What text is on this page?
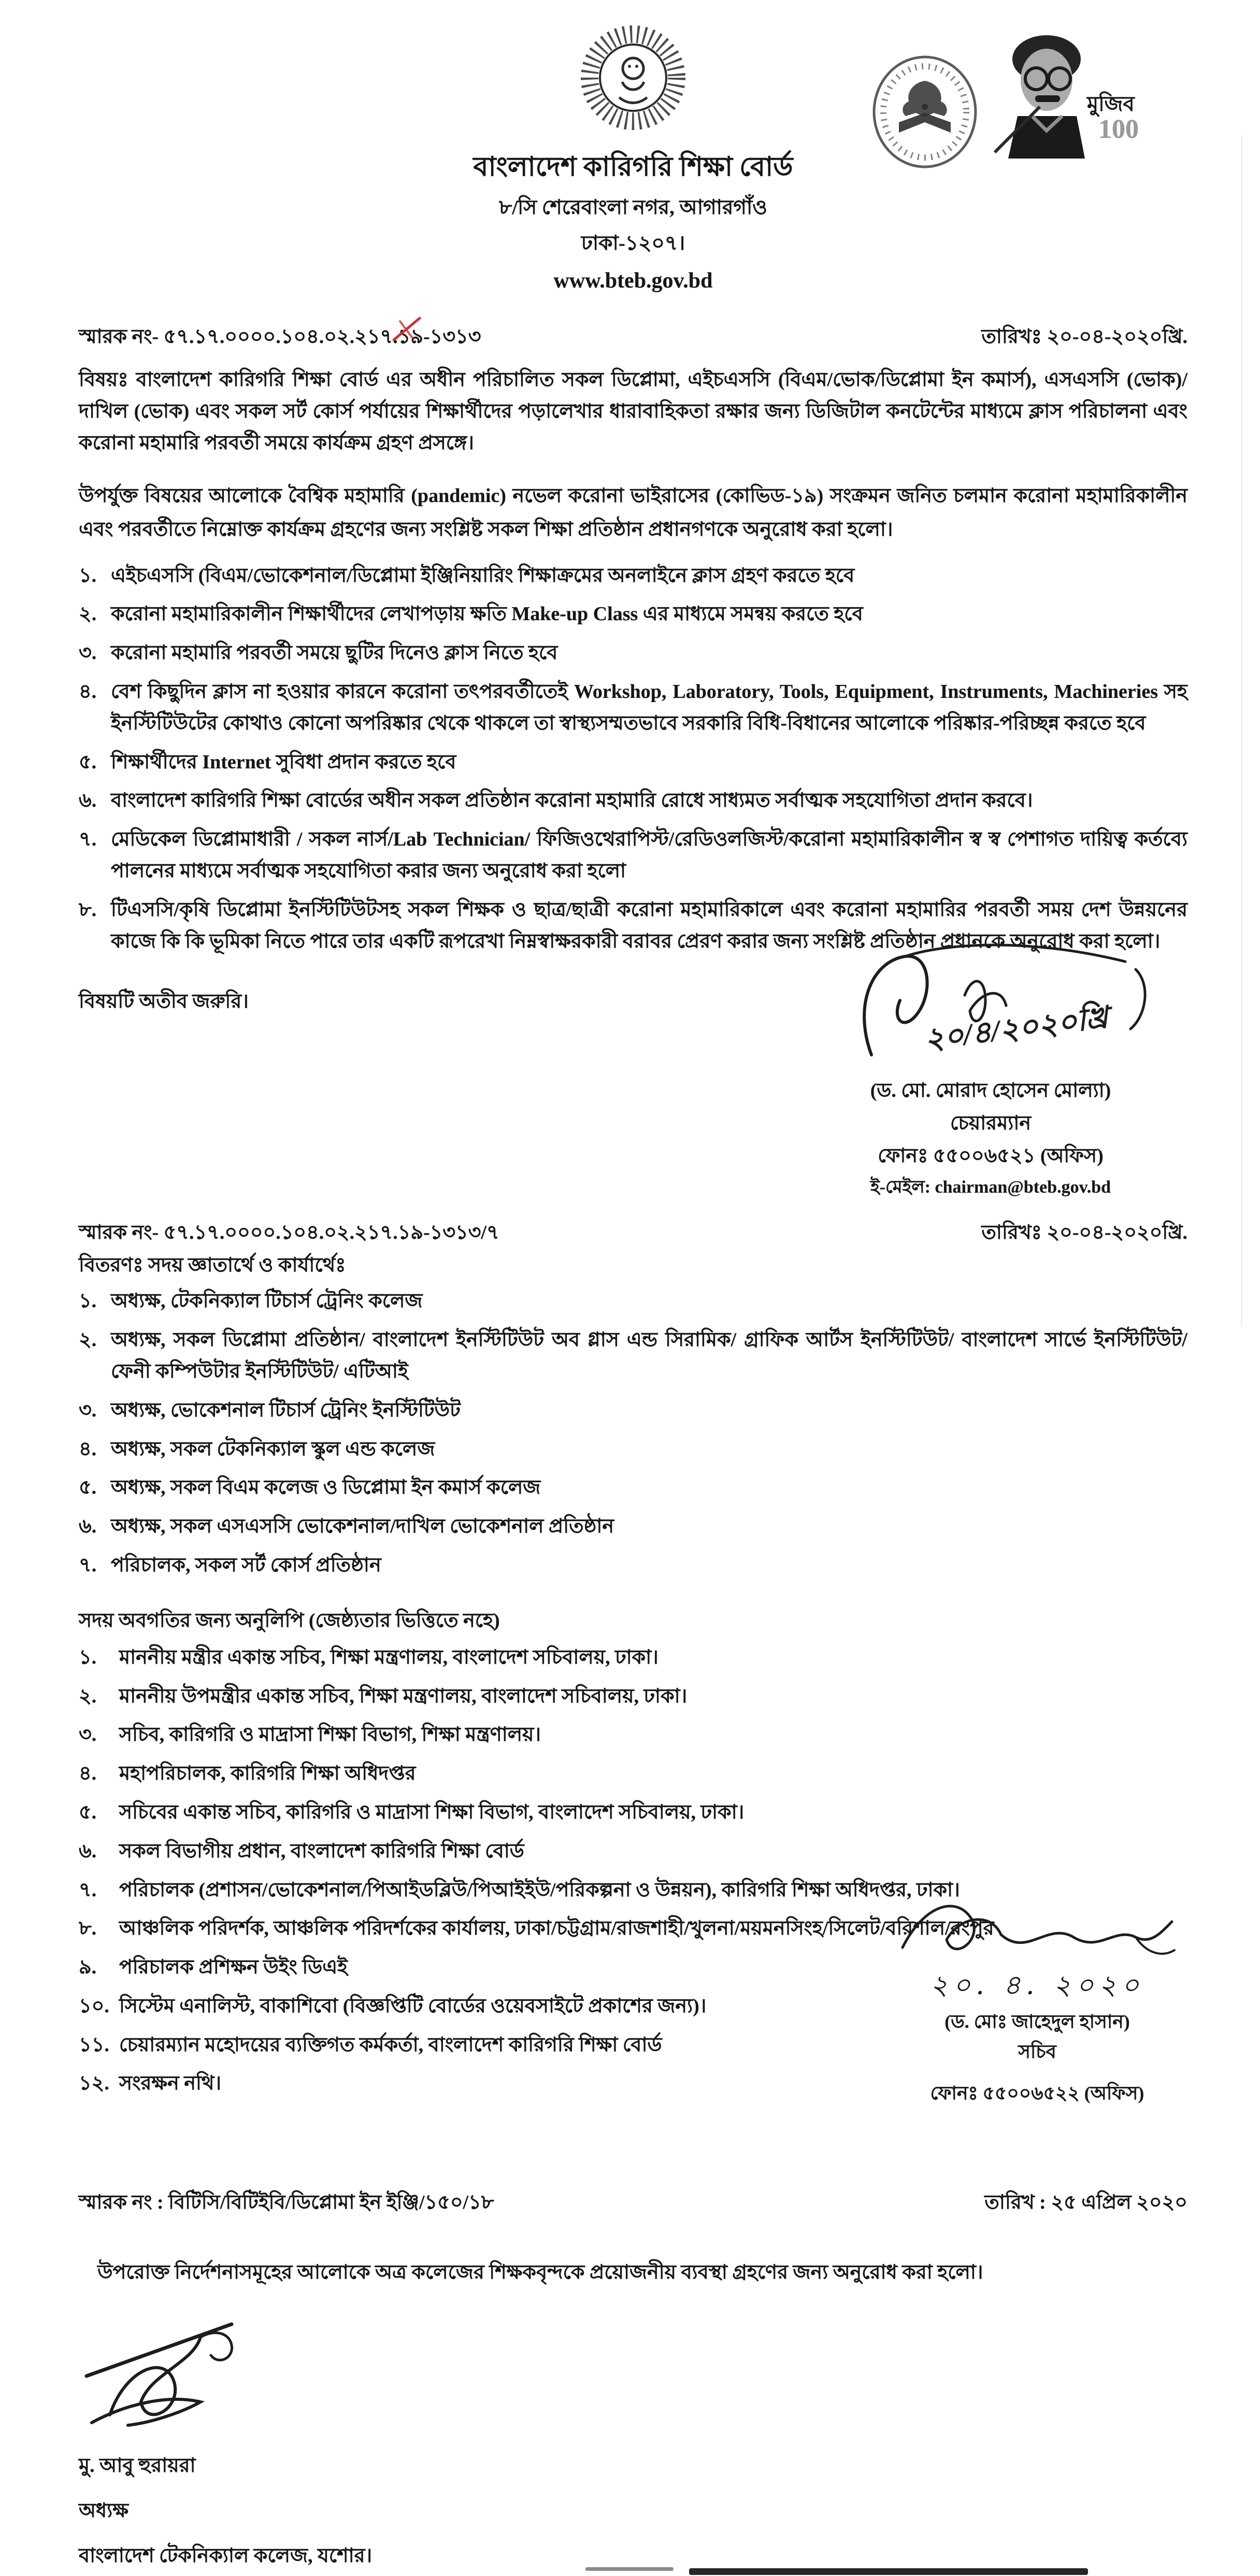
মুজিব
100
বাংলাদেশ কারিগরি শিক্ষা বোর্ড
৮/সি শেরেবাংলা নগর, আগারগাঁও
ঢাকা-১২০৭।
www.bteb.gov.bd
স্মারক নং- ৫৭.১৭.০০০০.১০৪.০২.২১৭.১৯-১৩১৩	তারিখঃ ২০-০৪-২০২০খ্রি.
বিষয়ঃ বাংলাদেশ কারিগরি শিক্ষা বোর্ড এর অধীন পরিচালিত সকল ডিপ্লোমা, এইচএসসি (বিএম/ভোক/ডিপ্লোমা ইন কমার্স), এসএসসি (ভোক)/দাখিল (ভোক) এবং সকল সর্ট কোর্স পর্যায়ের শিক্ষার্থীদের পড়ালেখার ধারাবাহিকতা রক্ষার জন্য ডিজিটাল কনটেন্টের মাধ্যমে ক্লাস পরিচালনা এবং করোনা মহামারি পরবর্তী সময়ে কার্যক্রম গ্রহণ প্রসঙ্গে।
উপর্যুক্ত বিষয়ের আলোকে বৈশ্বিক মহামারি (pandemic) নভেল করোনা ভাইরাসের (কোভিড-১৯) সংক্রমন জনিত চলমান করোনা মহামারিকালীন এবং পরবর্তীতে নিম্নোক্ত কার্যক্রম গ্রহণের জন্য সংশ্লিষ্ট সকল শিক্ষা প্রতিষ্ঠান প্রধানগণকে অনুরোধ করা হলো।
১. এইচএসসি (বিএম/ভোকেশনাল/ডিপ্লোমা ইঞ্জিনিয়ারিং শিক্ষাক্রমের অনলাইনে ক্লাস গ্রহণ করতে হবে
২. করোনা মহামারিকালীন শিক্ষার্থীদের লেখাপড়ায় ক্ষতি Make-up Class এর মাধ্যমে সমন্বয় করতে হবে
৩. করোনা মহামারি পরবর্তী সময়ে ছুটির দিনেও ক্লাস নিতে হবে
৪. বেশ কিছুদিন ক্লাস না হওয়ার কারনে করোনা তৎপরবর্তীতেই Workshop, Laboratory, Tools, Equipment, Instruments, Machineries সহ ইনস্টিটিউটের কোথাও কোনো অপরিষ্কার থেকে থাকলে তা স্বাস্থ্যসম্মতভাবে সরকারি বিধি-বিধানের আলোকে পরিষ্কার-পরিচ্ছন্ন করতে হবে
৫. শিক্ষার্থীদের Internet সুবিধা প্রদান করতে হবে
৬. বাংলাদেশ কারিগরি শিক্ষা বোর্ডের অধীন সকল প্রতিষ্ঠান করোনা মহামারি রোধে সাধ্যমত সর্বাত্মক সহযোগিতা প্রদান করবে।
৭. মেডিকেল ডিপ্লোমাধারী / সকল নার্স/Lab Technician/ ফিজিওথেরাপিস্ট/রেডিওলজিস্ট/করোনা মহামারিকালীন স্ব স্ব পেশাগত দায়িত্ব কর্তব্যে পালনের মাধ্যমে সর্বাত্মক সহযোগিতা করার জন্য অনুরোধ করা হলো
৮. টিএসসি/কৃষি ডিপ্লোমা ইনস্টিটিউটসহ সকল শিক্ষক ও ছাত্র/ছাত্রী করোনা মহামারিকালে এবং করোনা মহামারির পরবর্তী সময় দেশ উন্নয়নের কাজে কি কি ভূমিকা নিতে পারে তার একটি রূপরেখা নিম্নস্বাক্ষরকারী বরাবর প্রেরণ করার জন্য সংশ্লিষ্ট প্রতিষ্ঠান প্রধানকে অনুরোধ করা হলো।
বিষয়টি অতীব জরুরি।	২০/৪/২০২০খ্রি
(ড. মো. মোরাদ হোসেন মোল্যা)
চেয়ারম্যান
ফোনঃ ৫৫০০৬৫২১ (অফিস)
ই-মেইল: chairman@bteb.gov.bd
স্মারক নং- ৫৭.১৭.০০০০.১০৪.০২.২১৭.১৯-১৩১৩/৭	তারিখঃ ২০-০৪-২০২০খ্রি.
বিতরণঃ সদয় জ্ঞাতার্থে ও কার্যার্থেঃ
১. অধ্যক্ষ, টেকনিক্যাল টিচার্স ট্রেনিং কলেজ
২. অধ্যক্ষ, সকল ডিপ্লোমা প্রতিষ্ঠান/ বাংলাদেশ ইনস্টিটিউট অব গ্লাস এন্ড সিরামিক/ গ্রাফিক আর্টস ইনস্টিটিউট/ বাংলাদেশ সার্ভে ইনস্টিটিউট/ ফেনী কম্পিউটার ইনস্টিটিউট/ এটিআই
৩. অধ্যক্ষ, ভোকেশনাল টিচার্স ট্রেনিং ইনস্টিটিউট
৪. অধ্যক্ষ, সকল টেকনিক্যাল স্কুল এন্ড কলেজ
৫. অধ্যক্ষ, সকল বিএম কলেজ ও ডিপ্লোমা ইন কমার্স কলেজ
৬. অধ্যক্ষ, সকল এসএসসি ভোকেশনাল/দাখিল ভোকেশনাল প্রতিষ্ঠান
৭. পরিচালক, সকল সর্ট কোর্স প্রতিষ্ঠান
সদয় অবগতির জন্য অনুলিপি (জেষ্ঠ্যতার ভিত্তিতে নহে)
১.	মাননীয় মন্ত্রীর একান্ত সচিব, শিক্ষা মন্ত্রণালয়, বাংলাদেশ সচিবালয়, ঢাকা।
২.	মাননীয় উপমন্ত্রীর একান্ত সচিব, শিক্ষা মন্ত্রণালয়, বাংলাদেশ সচিবালয়, ঢাকা।
৩.	সচিব, কারিগরি ও মাদ্রাসা শিক্ষা বিভাগ, শিক্ষা মন্ত্রণালয়।
৪.	মহাপরিচালক, কারিগরি শিক্ষা অধিদপ্তর
৫.	সচিবের একান্ত সচিব, কারিগরি ও মাদ্রাসা শিক্ষা বিভাগ, বাংলাদেশ সচিবালয়, ঢাকা।
৬.	সকল বিভাগীয় প্রধান, বাংলাদেশ কারিগরি শিক্ষা বোর্ড
৭.	পরিচালক (প্রশাসন/ভোকেশনাল/পিআইডব্লিউ/পিআইইউ/পরিকল্পনা ও উন্নয়ন), কারিগরি শিক্ষা অধিদপ্তর, ঢাকা।
৮.	আঞ্চলিক পরিদর্শক, আঞ্চলিক পরিদর্শকের কার্যালয়, ঢাকা/চট্টগ্রাম/রাজশাহী/খুলনা/ময়মনসিংহ/সিলেট/বরিশাল/রংপুর
৯.	পরিচালক প্রশিক্ষন উইং ডিএই
১০. সিস্টেম এনালিস্ট, বাকাশিবো (বিজ্ঞপ্তিটি বোর্ডের ওয়েবসাইটে প্রকাশের জন্য)।
১১. চেয়ারম্যান মহোদয়ের ব্যক্তিগত কর্মকর্তা, বাংলাদেশ কারিগরি শিক্ষা বোর্ড
১২. সংরক্ষন নথি।
২০. ৪. ২০২০
(ড. মোঃ জাহেদুল হাসান)
সচিব
ফোনঃ ৫৫০০৬৫২২ (অফিস)
স্মারক নং : বিটিসি/বিটিইবি/ডিপ্লোমা ইন ইঞ্জি/১৫০/১৮	তারিখ : ২৫ এপ্রিল ২০২০
উপরোক্ত নির্দেশনাসমূহের আলোকে অত্র কলেজের শিক্ষকবৃন্দকে প্রয়োজনীয় ব্যবস্থা গ্রহণের জন্য অনুরোধ করা হলো।
মু. আবু হুরায়রা
অধ্যক্ষ
বাংলাদেশ টেকনিক্যাল কলেজ, যশোর।
